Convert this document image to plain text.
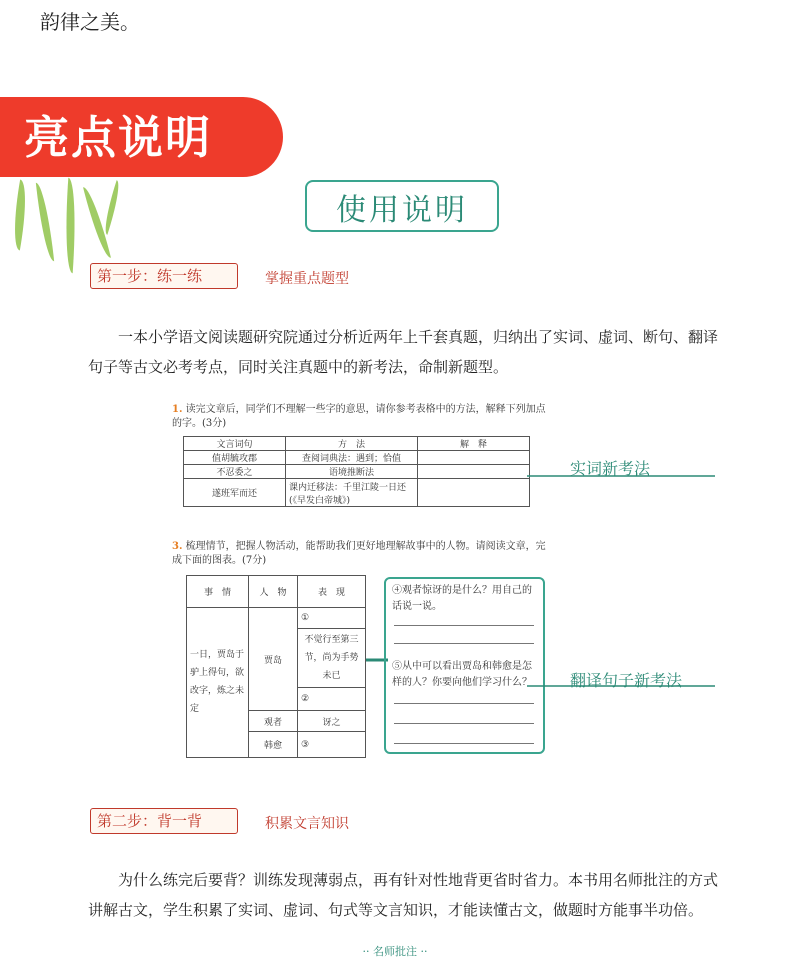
韵律之美。
亮点说明
使用说明
第一步：练一练	掌握重点题型
一本小学语文阅读题研究院通过分析近两年上千套真题，归纳出了实词、虚词、断句、翻译句子等古文必考考点，同时关注真题中的新考法，命制新题型。
1. 读完文章后，同学们不理解一些字的意思，请你参考表格中的方法，解释下列加点的字。(3分)
文言词句	方　法	解　释
值胡毓攻郡	查阅词典法：遇到；恰值	
不忍委之	语境推断法	
遂班军而还	课内迁移法：千里江陵一日还(《早发白帝城》)	
实词新考法
3. 梳理情节，把握人物活动，能帮助我们更好地理解故事中的人物。请阅读文章，完成下面的图表。(7分)
事　情	人　物	表　现
一日，贾岛于驴上得句，欲改字，炼之未定	贾岛	①
		不觉行至第三节，尚为手势未已
		②
	观者	讶之
	韩愈	③
④观者惊讶的是什么？用自己的话说一说。
⑤从中可以看出贾岛和韩愈是怎样的人？你要向他们学习什么？	翻译句子新考法
第二步：背一背	积累文言知识
为什么练完后要背？训练发现薄弱点，再有针对性地背更省时省力。本书用名师批注的方式讲解古文，学生积累了实词、虚词、句式等文言知识，才能读懂古文，做题时方能事半功倍。
·· 名师批注 ··
